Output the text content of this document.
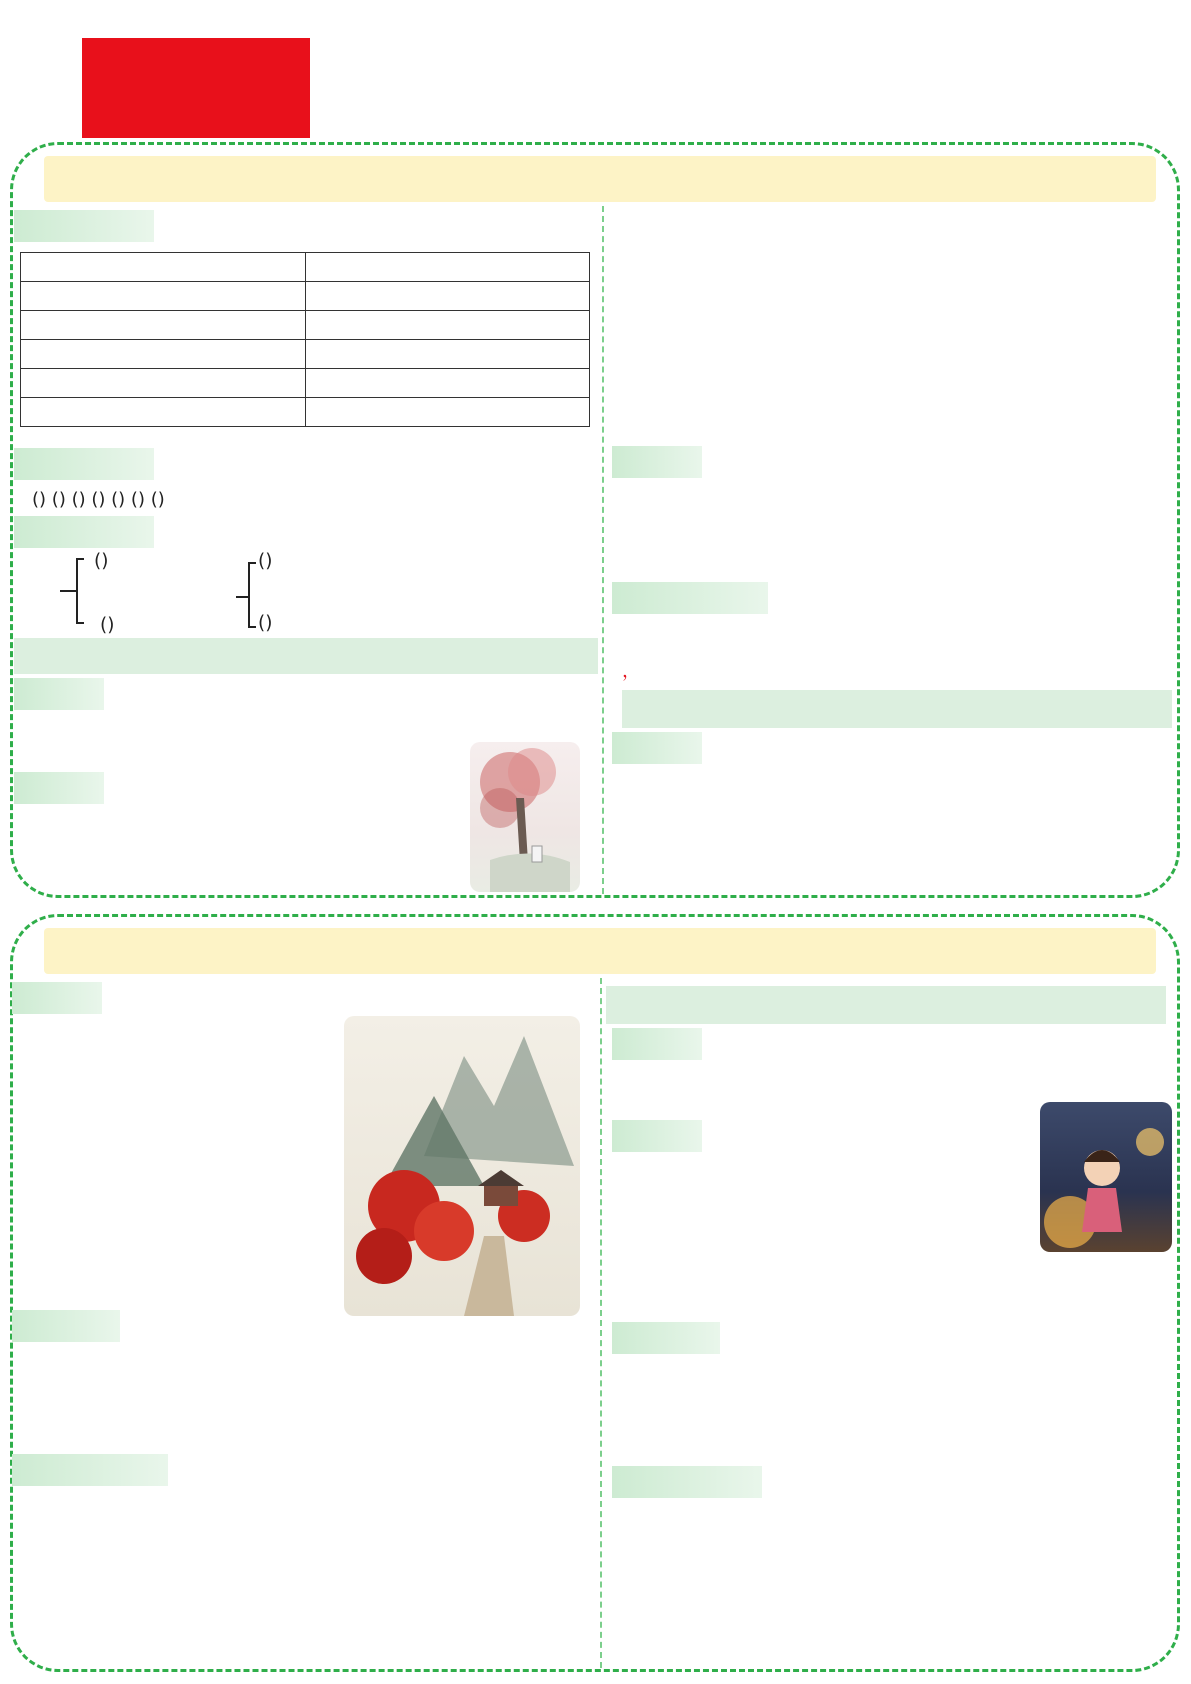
() () () () () () ()
()
()
()
()
，
